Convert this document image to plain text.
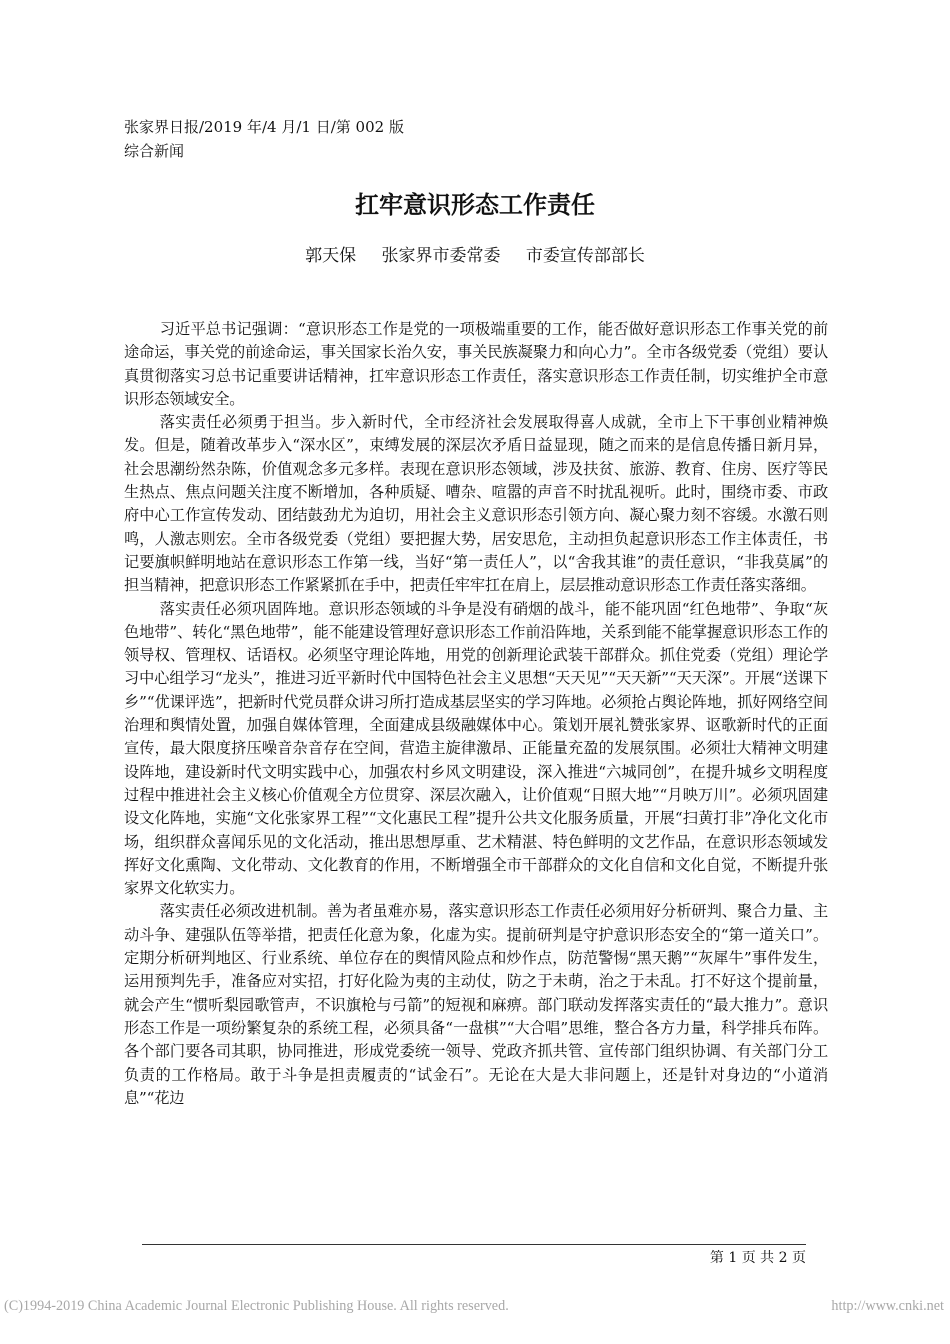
张家界日报/2019 年/4 月/1 日/第 002 版
综合新闻
扛牢意识形态工作责任
郭天保 张家界市委常委 市委宣传部部长

习近平总书记强调：“意识形态工作是党的一项极端重要的工作，能否做好意识形态工作事关党的前途命运，事关党的前途命运，事关国家长治久安，事关民族凝聚力和向心力”。全市各级党委（党组）要认真贯彻落实习总书记重要讲话精神，扛牢意识形态工作责任，落实意识形态工作责任制，切实维护全市意识形态领域安全。

落实责任必须勇于担当。步入新时代，全市经济社会发展取得喜人成就，全市上下干事创业精神焕发。但是，随着改革步入“深水区”，束缚发展的深层次矛盾日益显现，随之而来的是信息传播日新月异，社会思潮纷然杂陈，价值观念多元多样。表现在意识形态领域，涉及扶贫、旅游、教育、住房、医疗等民生热点、焦点问题关注度不断增加，各种质疑、嘈杂、喧嚣的声音不时扰乱视听。此时，围绕市委、市政府中心工作宣传发动、团结鼓劲尤为迫切，用社会主义意识形态引领方向、凝心聚力刻不容缓。水激石则鸣，人激志则宏。全市各级党委（党组）要把握大势，居安思危，主动担负起意识形态工作主体责任，书记要旗帜鲜明地站在意识形态工作第一线，当好“第一责任人”，以“舍我其谁”的责任意识，“非我莫属”的担当精神，把意识形态工作紧紧抓在手中，把责任牢牢扛在肩上，层层推动意识形态工作责任落实落细。

落实责任必须巩固阵地。意识形态领域的斗争是没有硝烟的战斗，能不能巩固“红色地带”、争取“灰色地带”、转化“黑色地带”，能不能建设管理好意识形态工作前沿阵地，关系到能不能掌握意识形态工作的领导权、管理权、话语权。必须坚守理论阵地，用党的创新理论武装干部群众。抓住党委（党组）理论学习中心组学习“龙头”，推进习近平新时代中国特色社会主义思想“天天见”“天天新”“天天深”。开展“送课下乡”“优课评选”，把新时代党员群众讲习所打造成基层坚实的学习阵地。必须抢占舆论阵地，抓好网络空间治理和舆情处置，加强自媒体管理，全面建成县级融媒体中心。策划开展礼赞张家界、讴歌新时代的正面宣传，最大限度挤压噪音杂音存在空间，营造主旋律激昂、正能量充盈的发展氛围。必须壮大精神文明建设阵地，建设新时代文明实践中心，加强农村乡风文明建设，深入推进“六城同创”，在提升城乡文明程度过程中推进社会主义核心价值观全方位贯穿、深层次融入，让价值观“日照大地”“月映万川”。必须巩固建设文化阵地，实施“文化张家界工程”“文化惠民工程”提升公共文化服务质量，开展“扫黄打非”净化文化市场，组织群众喜闻乐见的文化活动，推出思想厚重、艺术精湛、特色鲜明的文艺作品，在意识形态领域发挥好文化熏陶、文化带动、文化教育的作用，不断增强全市干部群众的文化自信和文化自觉，不断提升张家界文化软实力。

落实责任必须改进机制。善为者虽难亦易，落实意识形态工作责任必须用好分析研判、聚合力量、主动斗争、建强队伍等举措，把责任化意为象，化虚为实。提前研判是守护意识形态安全的“第一道关口”。定期分析研判地区、行业系统、单位存在的舆情风险点和炒作点，防范警惕“黑天鹅”“灰犀牛”事件发生，运用预判先手，准备应对实招，打好化险为夷的主动仗，防之于未萌，治之于未乱。打不好这个提前量，就会产生“惯听梨园歌管声，不识旗枪与弓箭”的短视和麻痹。部门联动发挥落实责任的“最大推力”。意识形态工作是一项纷繁复杂的系统工程，必须具备“一盘棋”“大合唱”思维，整合各方力量，科学排兵布阵。各个部门要各司其职，协同推进，形成党委统一领导、党政齐抓共管、宣传部门组织协调、有关部门分工负责的工作格局。敢于斗争是担责履责的“试金石”。无论在大是大非问题上，还是针对身边的“小道消息”“花边

第 1 页 共 2 页
(C)1994-2019 China Academic Journal Electronic Publishing House. All rights reserved.	http://www.cnki.net
